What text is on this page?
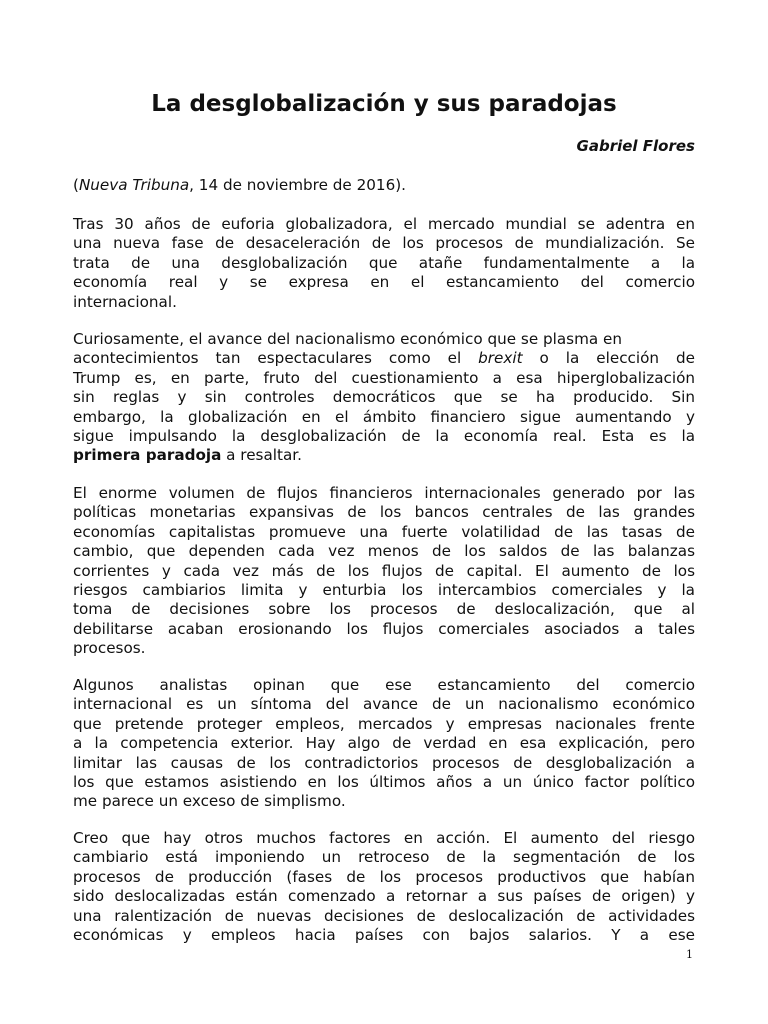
La desglobalización y sus paradojas

Gabriel Flores

(Nueva Tribuna, 14 de noviembre de 2016).

Tras 30 años de euforia globalizadora, el mercado mundial se adentra en
una nueva fase de desaceleración de los procesos de mundialización. Se
trata de una desglobalización que atañe fundamentalmente a la
economía real y se expresa en el estancamiento del comercio
internacional.

Curiosamente, el avance del nacionalismo económico que se plasma en
acontecimientos tan espectaculares como el brexit o la elección de
Trump es, en parte, fruto del cuestionamiento a esa hiperglobalización
sin reglas y sin controles democráticos que se ha producido. Sin
embargo, la globalización en el ámbito financiero sigue aumentando y
sigue impulsando la desglobalización de la economía real. Esta es la
primera paradoja a resaltar.

El enorme volumen de flujos financieros internacionales generado por las
políticas monetarias expansivas de los bancos centrales de las grandes
economías capitalistas promueve una fuerte volatilidad de las tasas de
cambio, que dependen cada vez menos de los saldos de las balanzas
corrientes y cada vez más de los flujos de capital. El aumento de los
riesgos cambiarios limita y enturbia los intercambios comerciales y la
toma de decisiones sobre los procesos de deslocalización, que al
debilitarse acaban erosionando los flujos comerciales asociados a tales
procesos.

Algunos analistas opinan que ese estancamiento del comercio
internacional es un síntoma del avance de un nacionalismo económico
que pretende proteger empleos, mercados y empresas nacionales frente
a la competencia exterior. Hay algo de verdad en esa explicación, pero
limitar las causas de los contradictorios procesos de desglobalización a
los que estamos asistiendo en los últimos años a un único factor político
me parece un exceso de simplismo.

Creo que hay otros muchos factores en acción. El aumento del riesgo
cambiario está imponiendo un retroceso de la segmentación de los
procesos de producción (fases de los procesos productivos que habían
sido deslocalizadas están comenzado a retornar a sus países de origen) y
una ralentización de nuevas decisiones de deslocalización de actividades
económicas y empleos hacia países con bajos salarios. Y a ese

1
